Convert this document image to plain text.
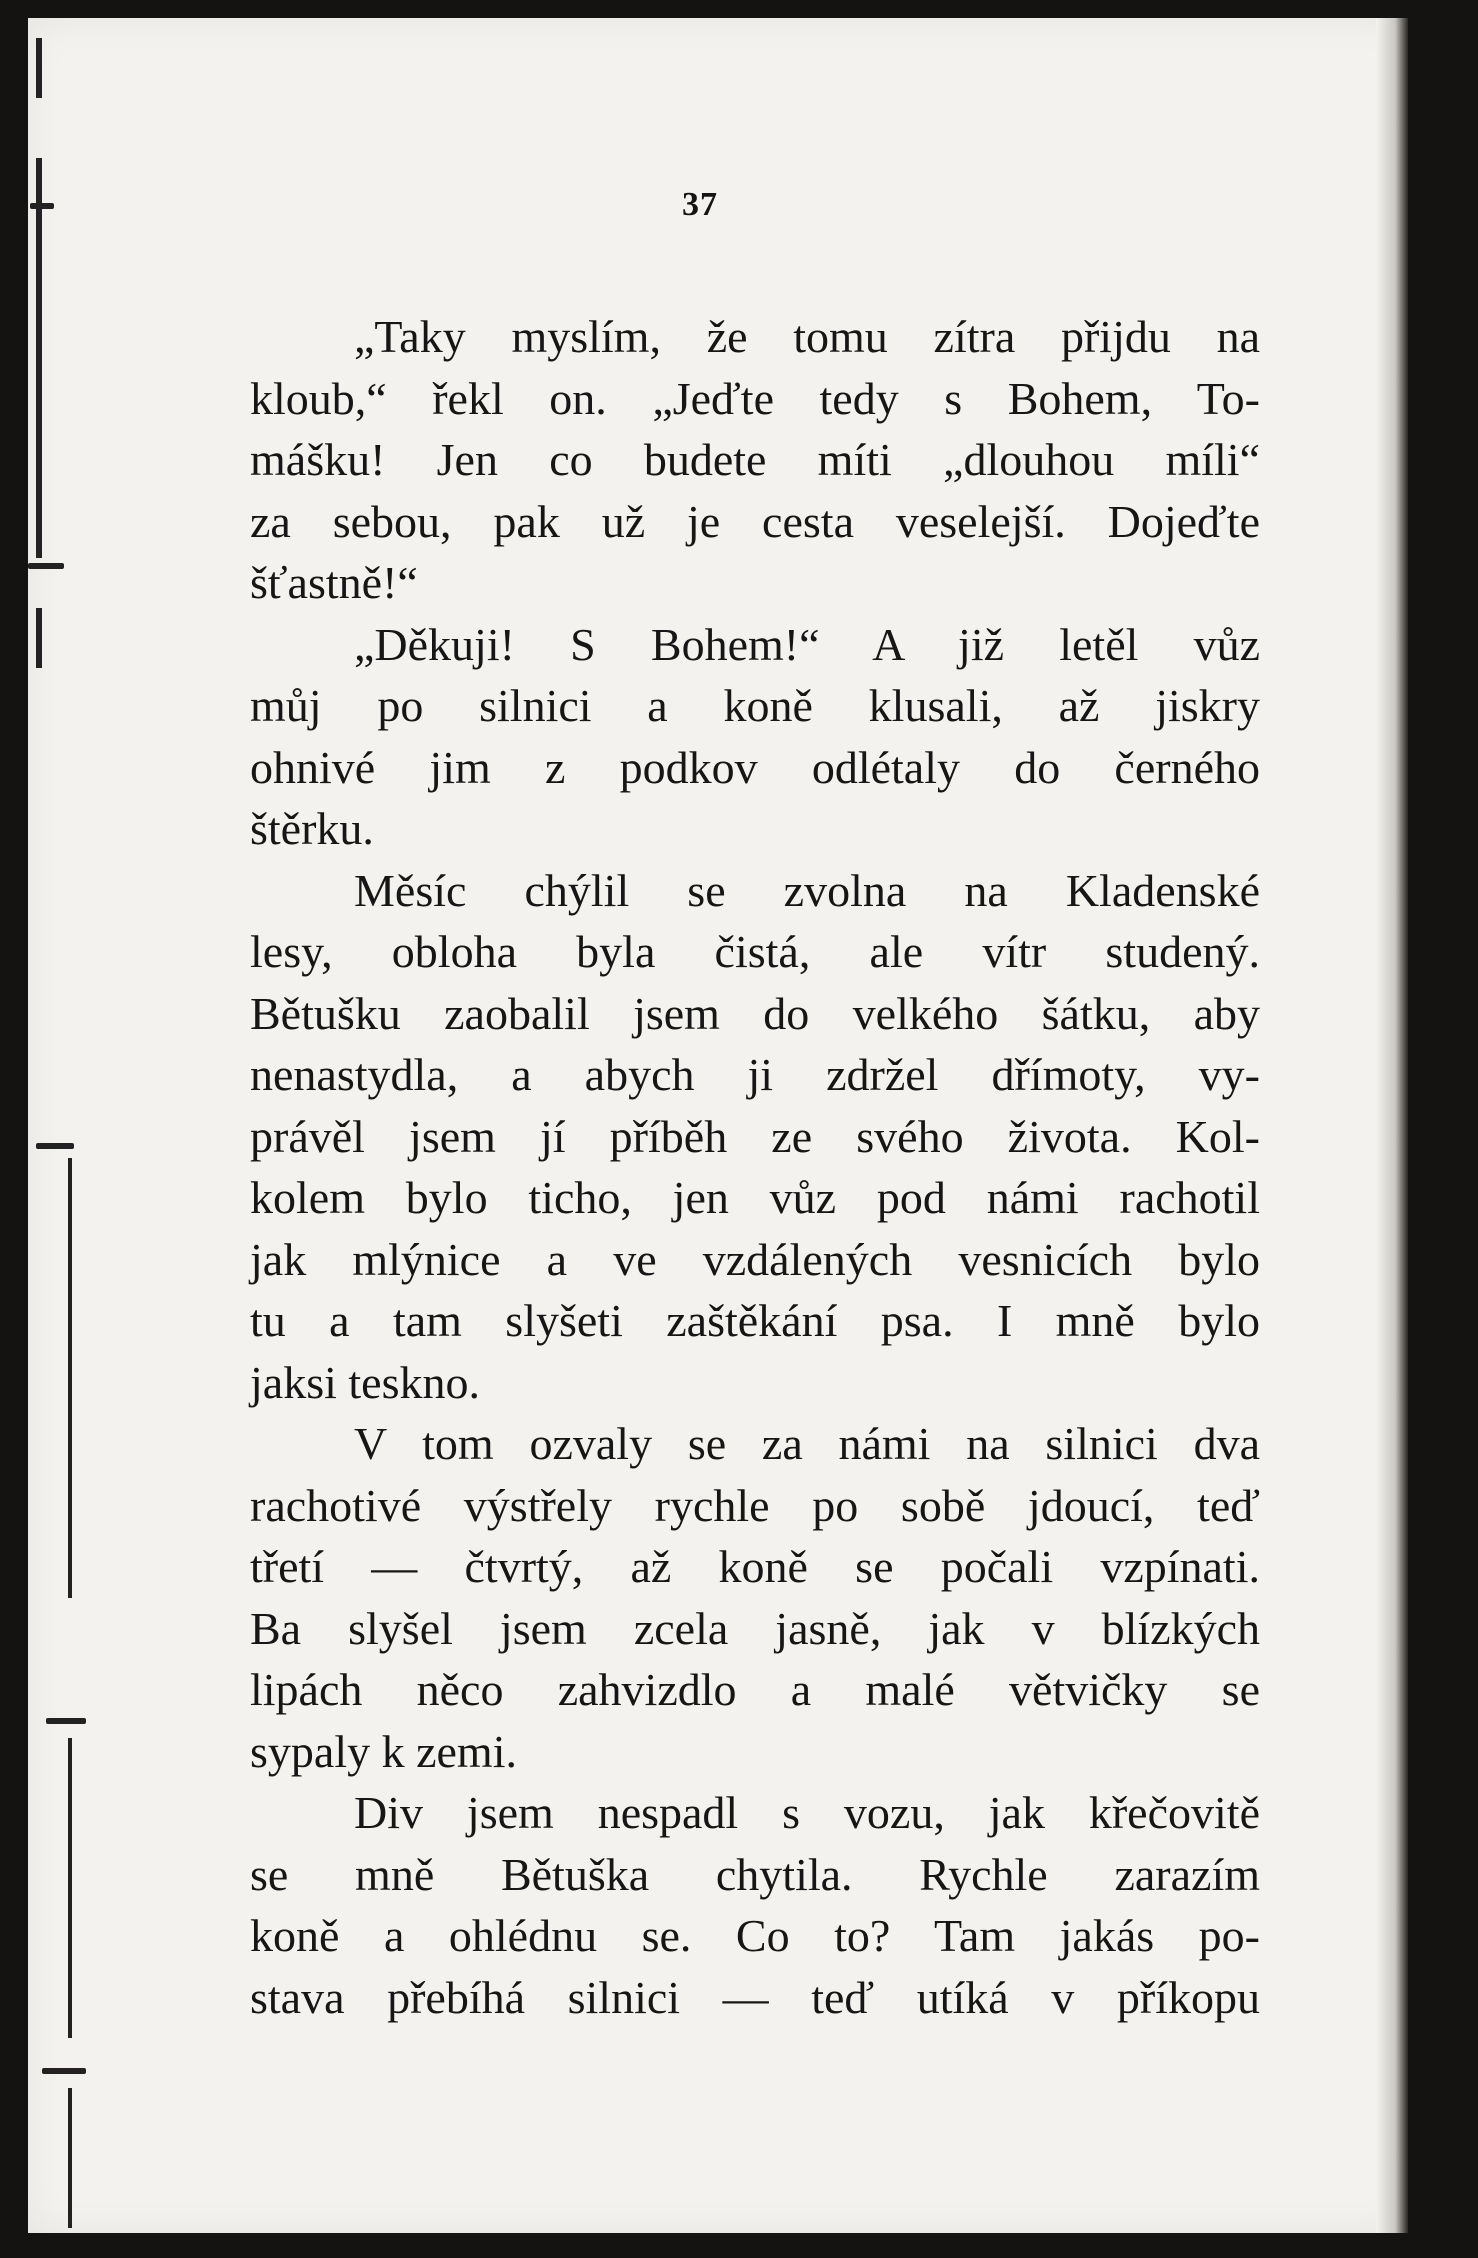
37
„Taky myslím, že tomu zítra přijdu na
kloub,“ řekl on. „Jeďte tedy s Bohem, To-
mášku! Jen co budete míti „dlouhou míli“
za sebou, pak už je cesta veselejší. Dojeďte
šťastně!“
„Děkuji! S Bohem!“ A již letěl vůz
můj po silnici a koně klusali, až jiskry
ohnivé jim z podkov odlétaly do černého
štěrku.
Měsíc chýlil se zvolna na Kladenské
lesy, obloha byla čistá, ale vítr studený.
Bětušku zaobalil jsem do velkého šátku, aby
nenastydla, a abych ji zdržel dřímoty, vy-
právěl jsem jí příběh ze svého života. Kol-
kolem bylo ticho, jen vůz pod námi rachotil
jak mlýnice a ve vzdálených vesnicích bylo
tu a tam slyšeti zaštěkání psa. I mně bylo
jaksi teskno.
V tom ozvaly se za námi na silnici dva
rachotivé výstřely rychle po sobě jdoucí, teď
třetí — čtvrtý, až koně se počali vzpínati.
Ba slyšel jsem zcela jasně, jak v blízkých
lipách něco zahvizdlo a malé větvičky se
sypaly k zemi.
Div jsem nespadl s vozu, jak křečovitě
se mně Bětuška chytila. Rychle zarazím
koně a ohlédnu se. Co to? Tam jakás po-
stava přebíhá silnici — teď utíká v příkopu
